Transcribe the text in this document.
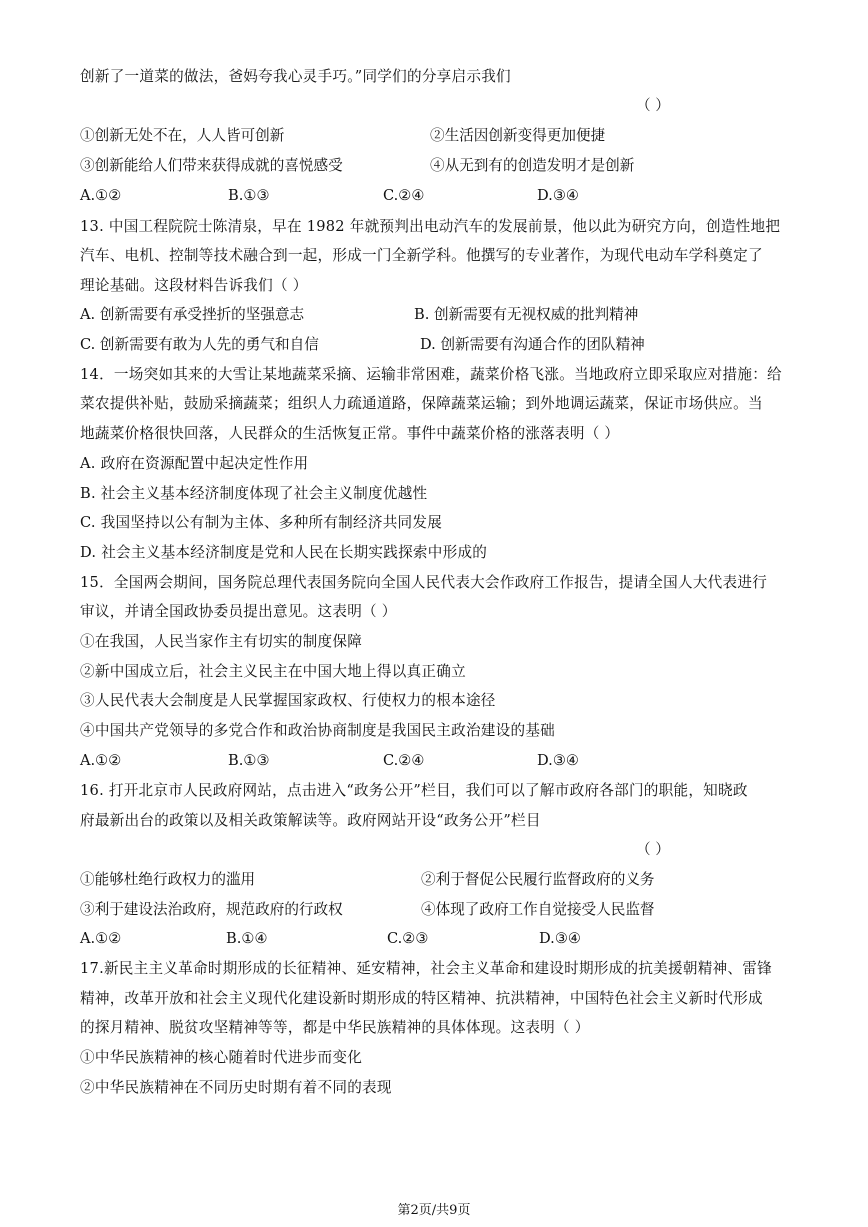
创新了一道菜的做法，爸妈夸我心灵手巧。”同学们的分享启示我们
（ ）
①创新无处不在，人人皆可创新	②生活因创新变得更加便捷
③创新能给人们带来获得成就的喜悦感受	④从无到有的创造发明才是创新
A.①②	B.①③	C.②④	D.③④
13. 中国工程院院士陈清泉，早在 1982 年就预判出电动汽车的发展前景，他以此为研究方向，创造性地把
汽车、电机、控制等技术融合到一起，形成一门全新学科。他撰写的专业著作，为现代电动车学科奠定了
理论基础。这段材料告诉我们（ ）
A. 创新需要有承受挫折的坚强意志	B. 创新需要有无视权威的批判精神
C. 创新需要有敢为人先的勇气和自信	D. 创新需要有沟通合作的团队精神
14．一场突如其来的大雪让某地蔬菜采摘、运输非常困难，蔬菜价格飞涨。当地政府立即采取应对措施：给
菜农提供补贴，鼓励采摘蔬菜；组织人力疏通道路，保障蔬菜运输；到外地调运蔬菜，保证市场供应。当
地蔬菜价格很快回落，人民群众的生活恢复正常。事件中蔬菜价格的涨落表明（ ）
A. 政府在资源配置中起决定性作用
B. 社会主义基本经济制度体现了社会主义制度优越性
C. 我国坚持以公有制为主体、多种所有制经济共同发展
D. 社会主义基本经济制度是党和人民在长期实践探索中形成的
15．全国两会期间，国务院总理代表国务院向全国人民代表大会作政府工作报告，提请全国人大代表进行
审议，并请全国政协委员提出意见。这表明（ ）
①在我国，人民当家作主有切实的制度保障
②新中国成立后，社会主义民主在中国大地上得以真正确立
③人民代表大会制度是人民掌握国家政权、行使权力的根本途径
④中国共产党领导的多党合作和政治协商制度是我国民主政治建设的基础
A.①②	B.①③	C.②④	D.③④
16. 打开北京市人民政府网站，点击进入“政务公开”栏目，我们可以了解市政府各部门的职能，知晓政
府最新出台的政策以及相关政策解读等。政府网站开设“政务公开”栏目
（ ）
①能够杜绝行政权力的滥用	②利于督促公民履行监督政府的义务
③利于建设法治政府，规范政府的行政权	④体现了政府工作自觉接受人民监督
A.①②	B.①④	C.②③	D.③④
17.新民主主义革命时期形成的长征精神、延安精神，社会主义革命和建设时期形成的抗美援朝精神、雷锋
精神，改革开放和社会主义现代化建设新时期形成的特区精神、抗洪精神，中国特色社会主义新时代形成
的探月精神、脱贫攻坚精神等等，都是中华民族精神的具体体现。这表明（ ）
①中华民族精神的核心随着时代进步而变化
②中华民族精神在不同历史时期有着不同的表现
第2页/共9页
